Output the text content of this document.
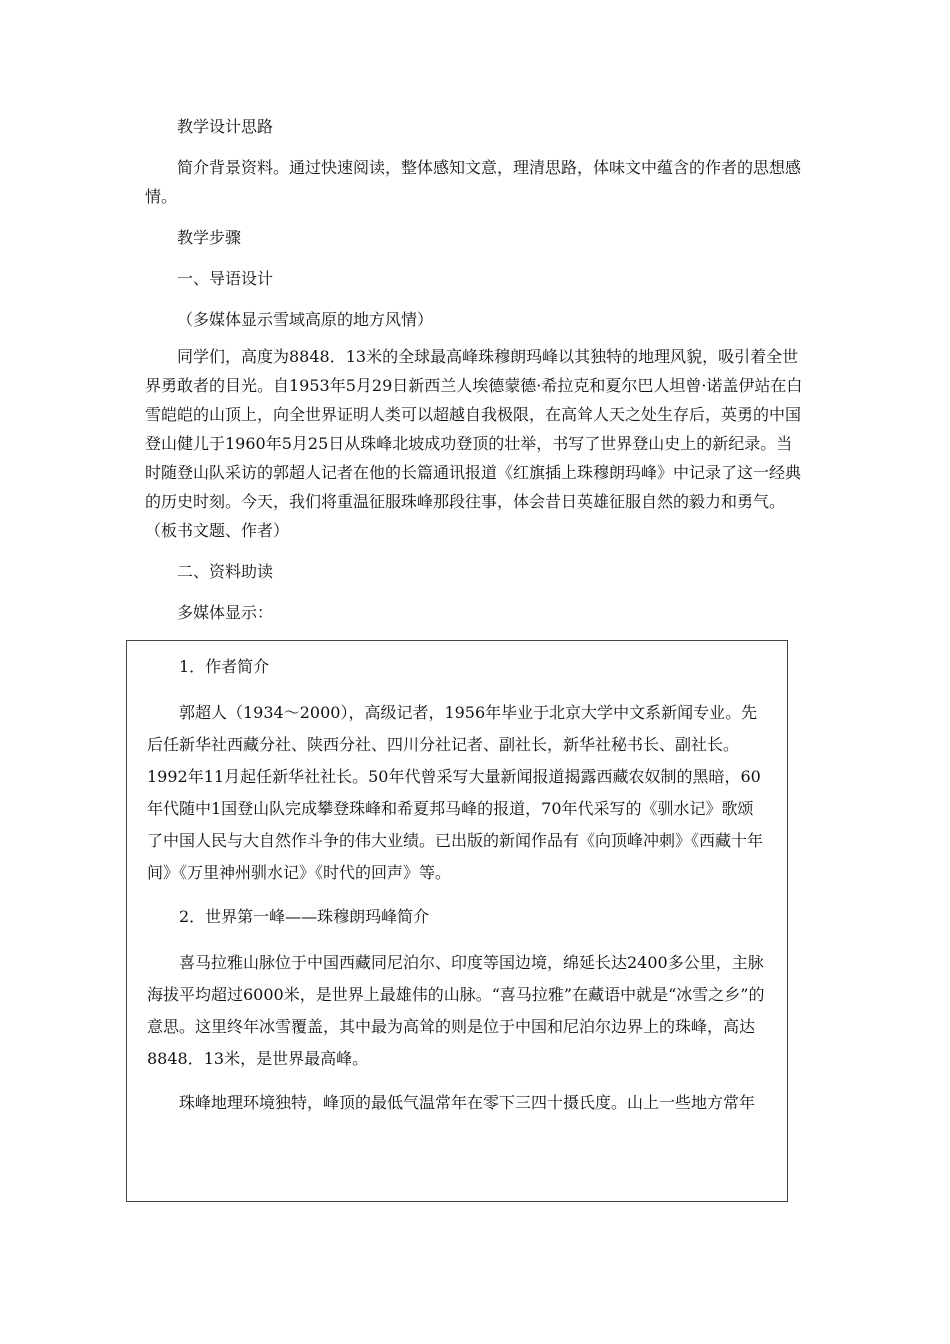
教学设计思路

简介背景资料。通过快速阅读，整体感知文意，理清思路，体味文中蕴含的作者的思想感情。

教学步骤

一、导语设计

（多媒体显示雪域高原的地方风情）

同学们，高度为8848．13米的全球最高峰珠穆朗玛峰以其独特的地理风貌，吸引着全世界勇敢者的目光。自1953年5月29日新西兰人埃德蒙德·希拉克和夏尔巴人坦曾·诺盖伊站在白雪皑皑的山顶上，向全世界证明人类可以超越自我极限，在高耸人天之处生存后，英勇的中国登山健儿于1960年5月25日从珠峰北坡成功登顶的壮举，书写了世界登山史上的新纪录。当时随登山队采访的郭超人记者在他的长篇通讯报道《红旗插上珠穆朗玛峰》中记录了这一经典的历史时刻。今天，我们将重温征服珠峰那段往事，体会昔日英雄征服自然的毅力和勇气。（板书文题、作者）

二、资料助读

多媒体显示：

1．作者简介

郭超人（1934～2000），高级记者，1956年毕业于北京大学中文系新闻专业。先后任新华社西藏分社、陕西分社、四川分社记者、副社长，新华社秘书长、副社长。1992年11月起任新华社社长。50年代曾采写大量新闻报道揭露西藏农奴制的黑暗，60年代随中1国登山队完成攀登珠峰和希夏邦马峰的报道，70年代采写的《驯水记》歌颂了中国人民与大自然作斗争的伟大业绩。已出版的新闻作品有《向顶峰冲刺》《西藏十年间》《万里神州驯水记》《时代的回声》等。

2．世界第一峰——珠穆朗玛峰简介

喜马拉雅山脉位于中国西藏同尼泊尔、印度等国边境，绵延长达2400多公里，主脉海拔平均超过6000米，是世界上最雄伟的山脉。“喜马拉雅”在藏语中就是“冰雪之乡”的意思。这里终年冰雪覆盖，其中最为高耸的则是位于中国和尼泊尔边界上的珠峰，高达8848．13米，是世界最高峰。

珠峰地理环境独特，峰顶的最低气温常年在零下三四十摄氏度。山上一些地方常年
